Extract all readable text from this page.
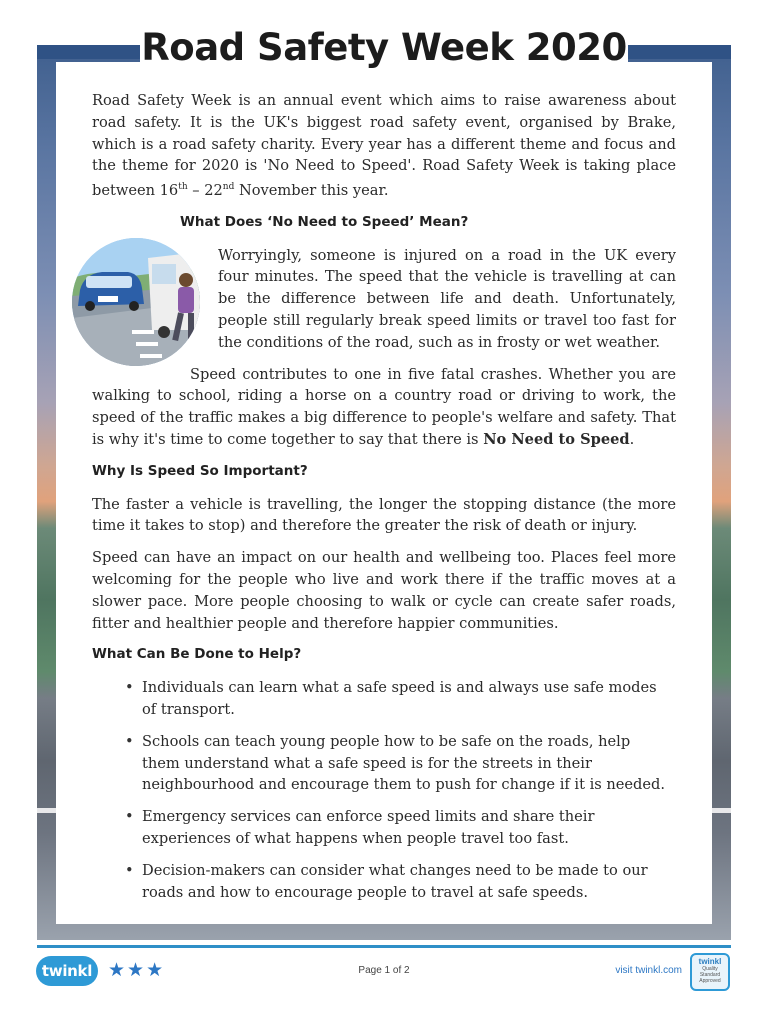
Road Safety Week 2020

Road Safety Week is an annual event which aims to raise awareness about road safety. It is the UK's biggest road safety event, organised by Brake, which is a road safety charity. Every year has a different theme and focus and the theme for 2020 is 'No Need to Speed'. Road Safety Week is taking place between 16th – 22nd November this year.

What Does ‘No Need to Speed’ Mean?

Worryingly, someone is injured on a road in the UK every four minutes. The speed that the vehicle is travelling at can be the difference between life and death. Unfortunately, people still regularly break speed limits or travel too fast for the conditions of the road, such as in frosty or wet weather.

Speed contributes to one in five fatal crashes. Whether you are walking to school, riding a horse on a country road or driving to work, the speed of the traffic makes a big difference to people's welfare and safety. That is why it's time to come together to say that there is No Need to Speed.

Why Is Speed So Important?

The faster a vehicle is travelling, the longer the stopping distance (the more time it takes to stop) and therefore the greater the risk of death or injury.

Speed can have an impact on our health and wellbeing too. Places feel more welcoming for the people who live and work there if the traffic moves at a slower pace. More people choosing to walk or cycle can create safer roads, fitter and healthier people and therefore happier communities.

What Can Be Done to Help?
• Individuals can learn what a safe speed is and always use safe modes of transport.
• Schools can teach young people how to be safe on the roads, help them understand what a safe speed is for the streets in their neighbourhood and encourage them to push for change if it is needed.
• Emergency services can enforce speed limits and share their experiences of what happens when people travel too fast.
• Decision-makers can consider what changes need to be made to our roads and how to encourage people to travel at safe speeds.
twinkl ★★★	Page 1 of 2	visit twinkl.com
twinkl
Quality Standard Approved
